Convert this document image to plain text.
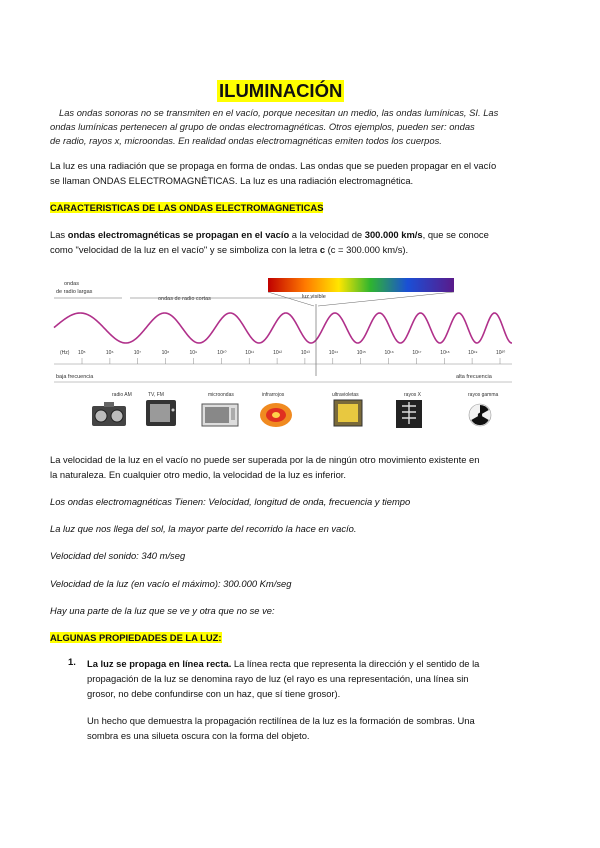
ILUMINACIÓN
Las ondas sonoras no se transmiten en el vacío, porque necesitan un medio, las ondas lumínicas, SI. Las
ondas lumínicas pertenecen al grupo de ondas electromagnéticas. Otros ejemplos, pueden ser: ondas
de radio, rayos x, microondas. En realidad ondas electromagnéticas emiten todos los cuerpos.
La luz es una radiación que se propaga en forma de ondas. Las ondas que se pueden propagar en el vacío
se llaman ONDAS ELECTROMAGNÉTICAS. La luz es una radiación electromagnética.
CARACTERISTICAS DE LAS ONDAS ELECTROMAGNETICAS
Las ondas electromagnéticas se propagan en el vacío a la velocidad de 300.000 km/s, que se conoce
como "velocidad de la luz en el vacío" y se simboliza con la letra c (c = 300.000 km/s).
ondas
de radio largas
ondas de radio cortas	luz visible
(Hz) 10⁵	10⁶	10⁷	10⁸	10⁹	10¹⁰	10¹¹	10¹²	10¹³	10¹⁴	10¹⁵	10¹⁶	10¹⁷	10¹⁸	10¹⁹	10²⁰
baja frecuencia	alta frecuencia
radio AM	TV, FM	microondas	infrarrojos	ultravioletas	rayos X	rayos gamma
La velocidad de la luz en el vacío no puede ser superada por la de ningún otro movimiento existente en
la naturaleza. En cualquier otro medio, la velocidad de la luz es inferior.
Los ondas electromagnéticas Tienen: Velocidad, longitud de onda, frecuencia y tiempo
La luz que nos llega del sol, la mayor parte del recorrido la hace en vacío.
Velocidad del sonido: 340 m/seg
Velocidad de la luz (en vacío el máximo): 300.000 Km/seg
Hay una parte de la luz que se ve y otra que no se ve:
ALGUNAS PROPIEDADES DE LA LUZ:
1. La luz se propaga en línea recta. La línea recta que representa la dirección y el sentido de la
propagación de la luz se denomina rayo de luz (el rayo es una representación, una línea sin
grosor, no debe confundirse con un haz, que sí tiene grosor).
Un hecho que demuestra la propagación rectilínea de la luz es la formación de sombras. Una
sombra es una silueta oscura con la forma del objeto.
